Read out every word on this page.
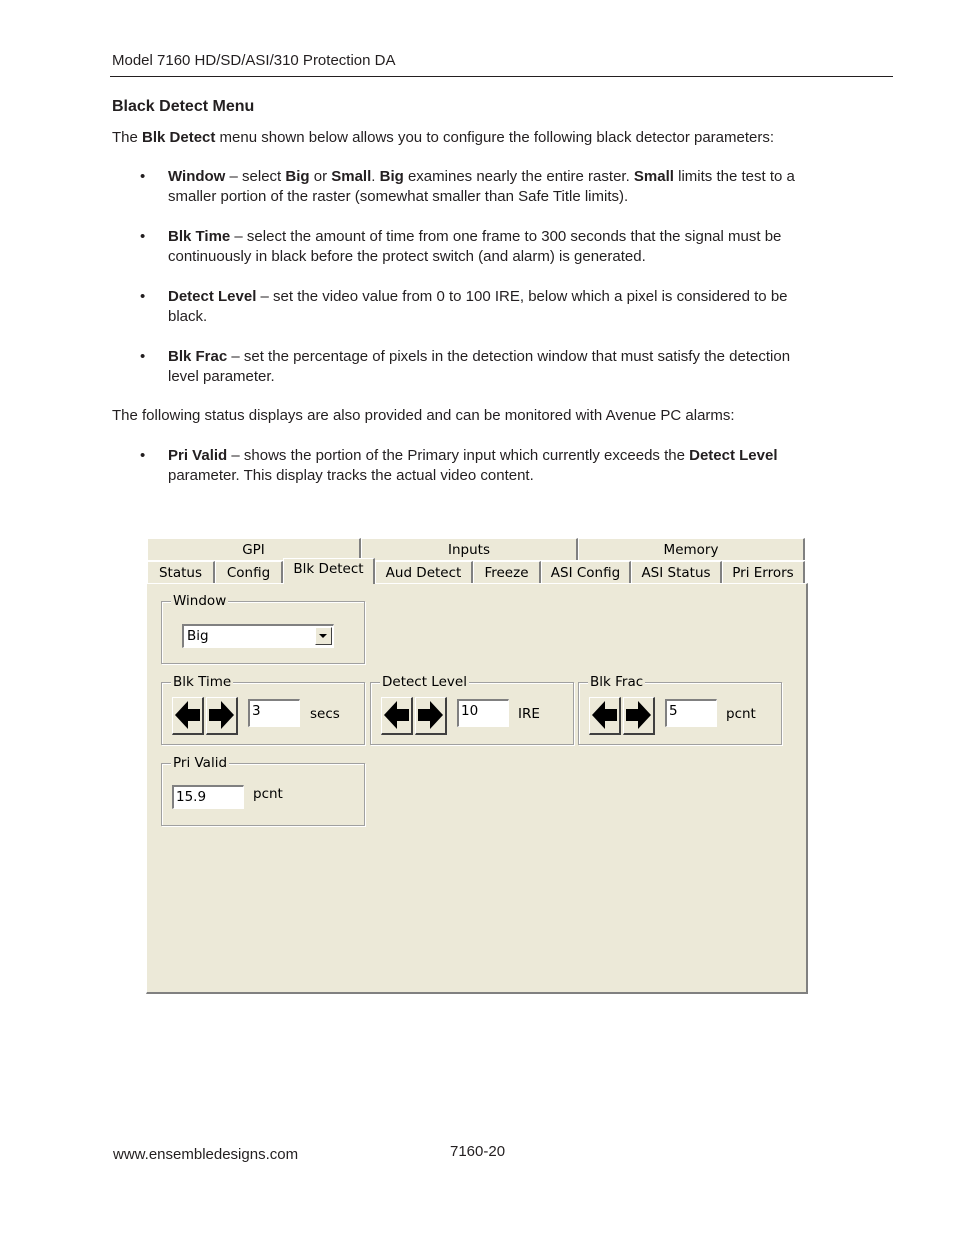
Model 7160 HD/SD/ASI/310 Protection DA
Black Detect Menu
The Blk Detect menu shown below allows you to configure the following black detector parameters:
• Window – select Big or Small. Big examines nearly the entire raster. Small limits the test to a
smaller portion of the raster (somewhat smaller than Safe Title limits).
• Blk Time – select the amount of time from one frame to 300 seconds that the signal must be
continuously in black before the protect switch (and alarm) is generated.
• Detect Level – set the video value from 0 to 100 IRE, below which a pixel is considered to be
black.
• Blk Frac – set the percentage of pixels in the detection window that must satisfy the detection
level parameter.
The following status displays are also provided and can be monitored with Avenue PC alarms:
• Pri Valid – shows the portion of the Primary input which currently exceeds the Detect Level
parameter. This display tracks the actual video content.
GPI	Inputs	Memory
Status	Config	Blk Detect	Aud Detect	Freeze	ASI Config	ASI Status	Pri Errors
Window
Big
Blk Time
3	secs
Detect Level
10	IRE
Blk Frac
5	pcnt
Pri Valid
15.9	pcnt
www.ensembledesigns.com	7160-20
